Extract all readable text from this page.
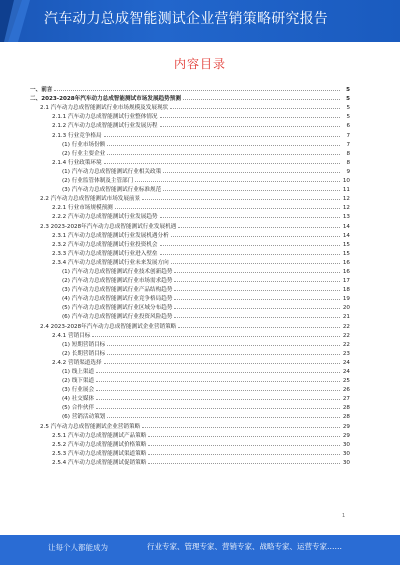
汽车动力总成智能测试企业营销策略研究报告
内容目录
一、前言	5
二、2023-2028年汽车动力总成智能测试市场发展趋势预测	5
2.1 汽车动力总成智能测试行业市场规模及发展现状	5
2.1.1 汽车动力总成智能测试行业整体情况	5
2.1.2 汽车动力总成智能测试行业发展历程	6
2.1.3 行业竞争格局	7
(1) 行业市场份额	7
(2) 行业主要企业	8
2.1.4 行业政策环境	8
(1) 汽车动力总成智能测试行业相关政策	9
(2) 行业监管体制及主管部门	10
(3) 汽车动力总成智能测试行业标准规范	11
2.2 汽车动力总成智能测试市场发展前景	12
2.2.1 行业市场规模预测	12
2.2.2 汽车动力总成智能测试行业发展趋势	13
2.3 2023-2028年汽车动力总成智能测试行业发展机遇	14
2.3.1 汽车动力总成智能测试行业发展机遇分析	14
2.3.2 汽车动力总成智能测试行业投资机会	15
2.3.3 汽车动力总成智能测试行业进入壁垒	15
2.3.4 汽车动力总成智能测试行业未来发展方向	16
(1) 汽车动力总成智能测试行业技术创新趋势	16
(2) 汽车动力总成智能测试行业市场需求趋势	17
(3) 汽车动力总成智能测试行业产品结构趋势	18
(4) 汽车动力总成智能测试行业竞争格局趋势	19
(5) 汽车动力总成智能测试行业区域分布趋势	20
(6) 汽车动力总成智能测试行业投资风险趋势	21
2.4 2023-2028年汽车动力总成智能测试企业营销策略	22
2.4.1 营销目标	22
(1) 短期营销目标	22
(2) 长期营销目标	23
2.4.2 营销渠道选择	24
(1) 线上渠道	24
(2) 线下渠道	25
(3) 行业展会	26
(4) 社交媒体	27
(5) 合作伙伴	28
(6) 营销活动策划	28
2.5 汽车动力总成智能测试企业营销策略	29
2.5.1 汽车动力总成智能测试产品策略	29
2.5.2 汽车动力总成智能测试价格策略	30
2.5.3 汽车动力总成智能测试渠道策略	30
2.5.4 汽车动力总成智能测试促销策略	30
1
让每个人都能成为	行业专家、管理专家、营销专家、战略专家、运营专家……
